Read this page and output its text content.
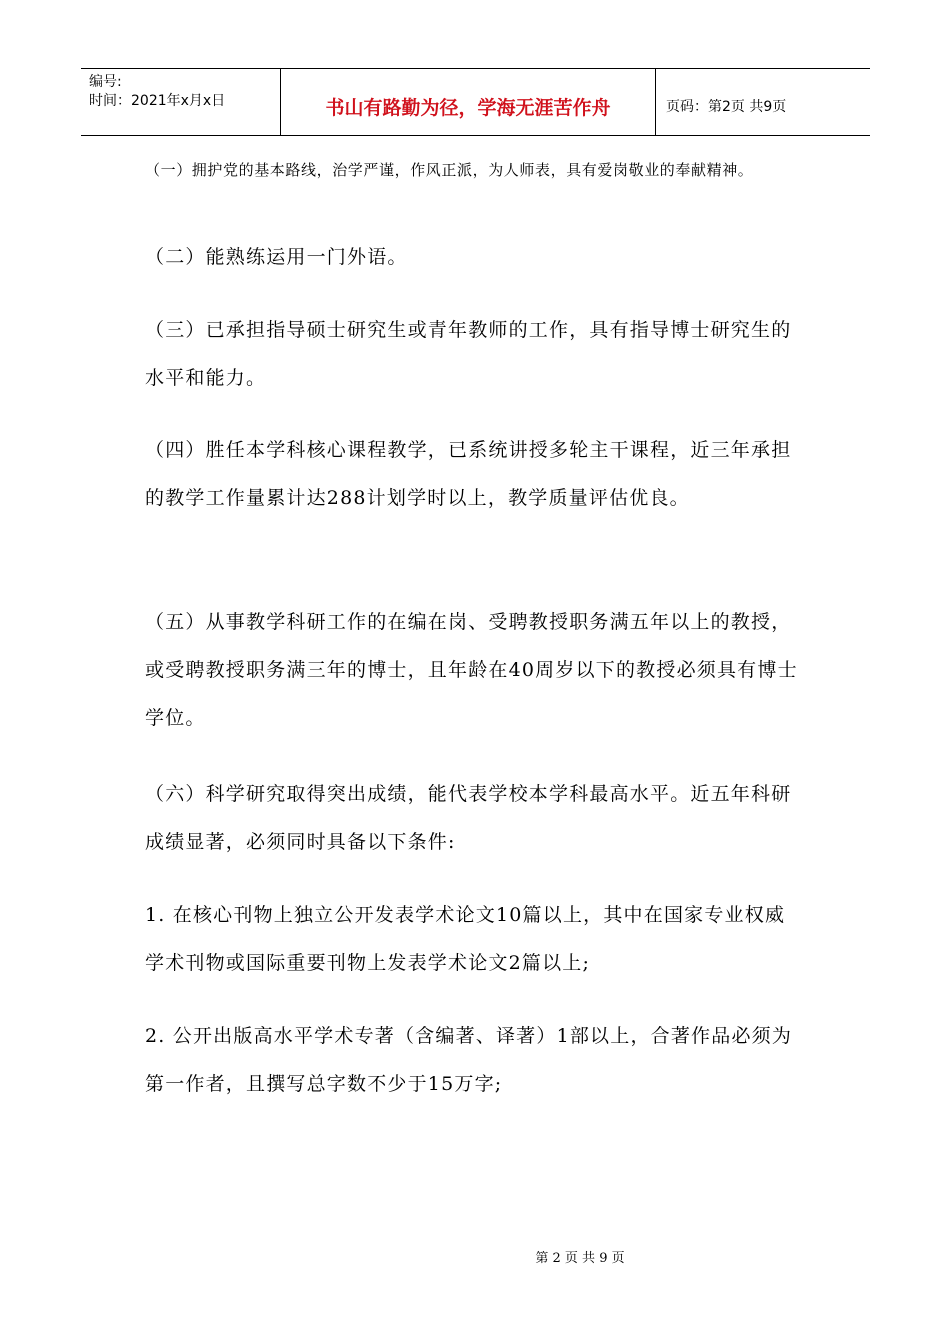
编号:
时间：2021年x月x日	书山有路勤为径，学海无涯苦作舟	页码：第2页 共9页

（一）拥护党的基本路线，治学严谨，作风正派，为人师表，具有爱岗敬业的奉献精神。

（二）能熟练运用一门外语。

（三）已承担指导硕士研究生或青年教师的工作，具有指导博士研究生的水平和能力。

（四）胜任本学科核心课程教学，已系统讲授多轮主干课程，近三年承担的教学工作量累计达288计划学时以上，教学质量评估优良。

（五）从事教学科研工作的在编在岗、受聘教授职务满五年以上的教授，或受聘教授职务满三年的博士，且年龄在40周岁以下的教授必须具有博士学位。

（六）科学研究取得突出成绩，能代表学校本学科最高水平。近五年科研成绩显著，必须同时具备以下条件:

1. 在核心刊物上独立公开发表学术论文10篇以上，其中在国家专业权威学术刊物或国际重要刊物上发表学术论文2篇以上;

2. 公开出版高水平学术专著（含编著、译著）1部以上，合著作品必须为第一作者，且撰写总字数不少于15万字;

第 2 页 共 9 页
